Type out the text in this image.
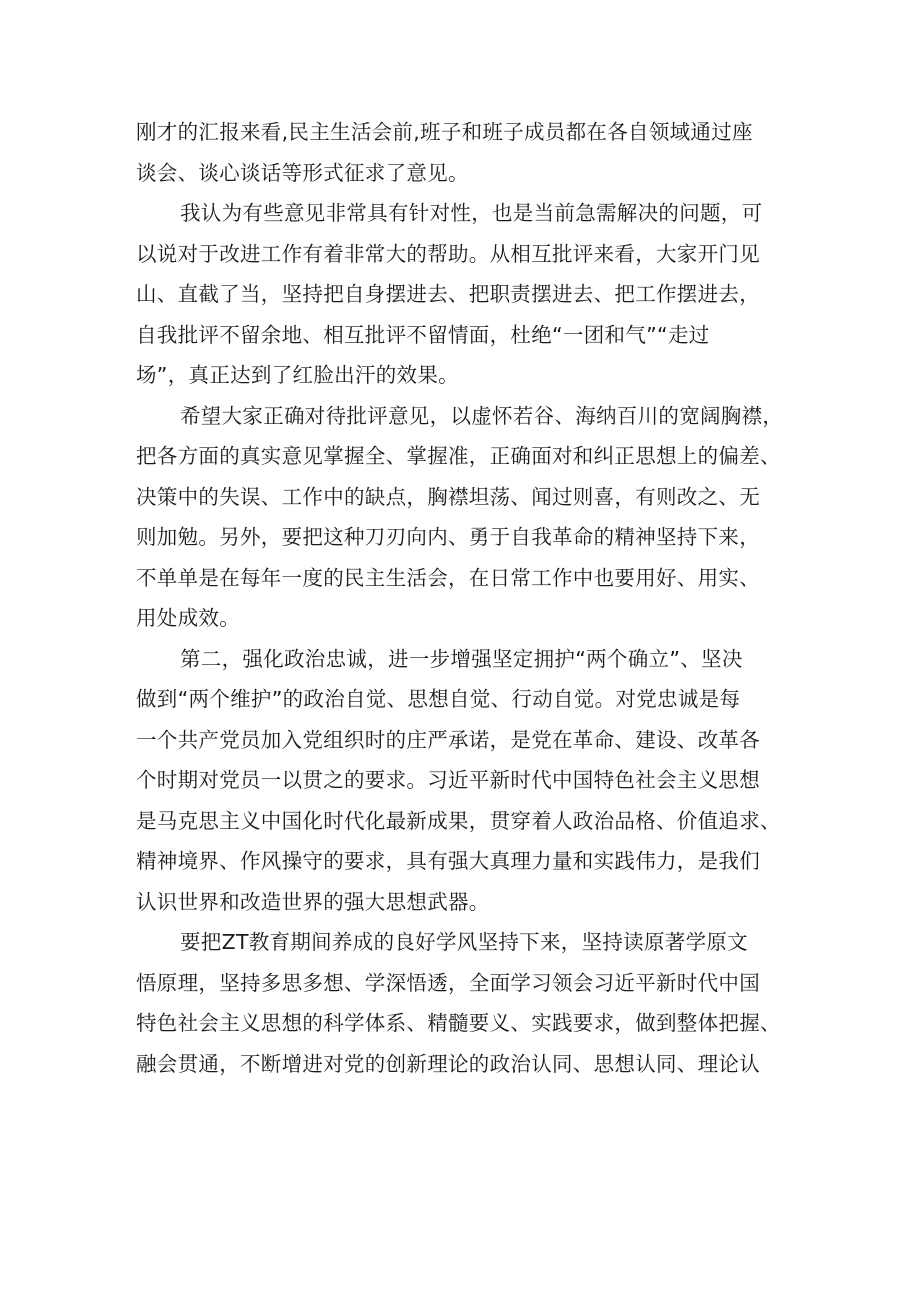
刚才的汇报来看,民主生活会前,班子和班子成员都在各自领域通过座
谈会、谈心谈话等形式征求了意见。
我认为有些意见非常具有针对性，也是当前急需解决的问题，可
以说对于改进工作有着非常大的帮助。从相互批评来看，大家开门见
山、直截了当，坚持把自身摆进去、把职责摆进去、把工作摆进去，
自我批评不留余地、相互批评不留情面，杜绝“一团和气”“走过
场”，真正达到了红脸出汗的效果。
希望大家正确对待批评意见，以虚怀若谷、海纳百川的宽阔胸襟，
把各方面的真实意见掌握全、掌握准，正确面对和纠正思想上的偏差、
决策中的失误、工作中的缺点，胸襟坦荡、闻过则喜，有则改之、无
则加勉。另外，要把这种刀刃向内、勇于自我革命的精神坚持下来，
不单单是在每年一度的民主生活会，在日常工作中也要用好、用实、
用处成效。
第二，强化政治忠诚，进一步增强坚定拥护“两个确立”、坚决
做到“两个维护”的政治自觉、思想自觉、行动自觉。对党忠诚是每
一个共产党员加入党组织时的庄严承诺，是党在革命、建设、改革各
个时期对党员一以贯之的要求。习近平新时代中国特色社会主义思想
是马克思主义中国化时代化最新成果，贯穿着人政治品格、价值追求、
精神境界、作风操守的要求，具有强大真理力量和实践伟力，是我们
认识世界和改造世界的强大思想武器。
要把ZT教育期间养成的良好学风坚持下来，坚持读原著学原文
悟原理，坚持多思多想、学深悟透，全面学习领会习近平新时代中国
特色社会主义思想的科学体系、精髓要义、实践要求，做到整体把握、
融会贯通，不断增进对党的创新理论的政治认同、思想认同、理论认
